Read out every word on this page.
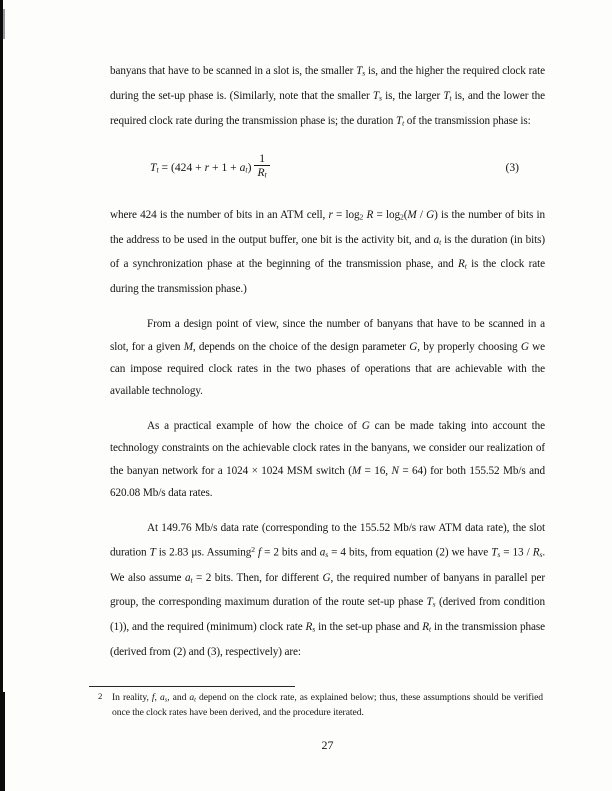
banyans that have to be scanned in a slot is, the smaller $T_s$ is, and the higher the required clock rate during the set-up phase is. (Similarly, note that the smaller $T_s$ is, the larger $T_t$ is, and the lower the required clock rate during the transmission phase is; the duration $T_t$ of the transmission phase is:

$T_t = (424 + r + 1 + a_t) \frac{1}{R_t}$	(3)

where 424 is the number of bits in an ATM cell, $r = \log_2 R = \log_2(M / G)$ is the number of bits in the address to be used in the output buffer, one bit is the activity bit, and $a_t$ is the duration (in bits) of a synchronization phase at the beginning of the transmission phase, and $R_t$ is the clock rate during the transmission phase.)

From a design point of view, since the number of banyans that have to be scanned in a slot, for a given M, depends on the choice of the design parameter G, by properly choosing G we can impose required clock rates in the two phases of operations that are achievable with the available technology.

As a practical example of how the choice of G can be made taking into account the technology constraints on the achievable clock rates in the banyans, we consider our realization of the banyan network for a 1024 × 1024 MSM switch (M = 16, N = 64) for both 155.52 Mb/s and 620.08 Mb/s data rates.

At 149.76 Mb/s data rate (corresponding to the 155.52 Mb/s raw ATM data rate), the slot duration T is 2.83 μs. Assuming$^2$ f = 2 bits and $a_s = 4$ bits, from equation (2) we have $T_s = 13 / R_s$. We also assume $a_t = 2$ bits. Then, for different G, the required number of banyans in parallel per group, the corresponding maximum duration of the route set-up phase $T_s$ (derived from condition (1)), and the required (minimum) clock rate $R_s$ in the set-up phase and $R_t$ in the transmission phase (derived from (2) and (3), respectively) are:

2 In reality, f, $a_s$, and $a_t$ depend on the clock rate, as explained below; thus, these assumptions should be verified once the clock rates have been derived, and the procedure iterated.
27
